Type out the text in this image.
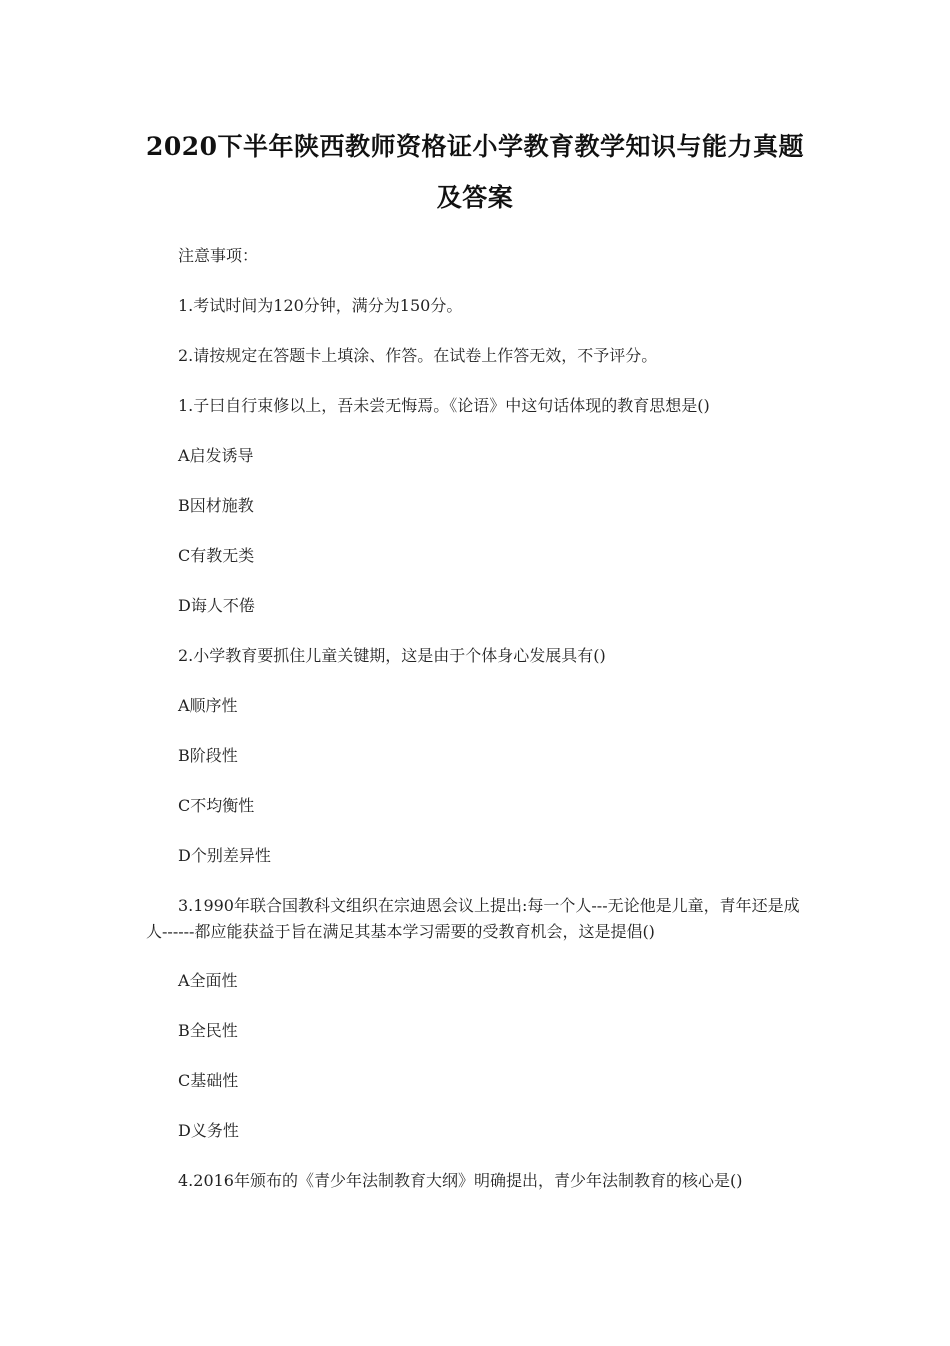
2020下半年陕西教师资格证小学教育教学知识与能力真题
及答案
注意事项：
1.考试时间为120分钟，满分为150分。
2.请按规定在答题卡上填涂、作答。在试卷上作答无效，不予评分。
1.子曰自行束修以上，吾未尝无悔焉。《论语》中这句话体现的教育思想是()
A启发诱导
B因材施教
C有教无类
D诲人不倦
2.小学教育要抓住儿童关键期，这是由于个体身心发展具有()
A顺序性
B阶段性
C不均衡性
D个别差异性
3.1990年联合国教科文组织在宗迪恩会议上提出:每一个人---无论他是儿童，青年还是成人------都应能获益于旨在满足其基本学习需要的受教育机会，这是提倡()
A全面性
B全民性
C基础性
D义务性
4.2016年颁布的《青少年法制教育大纲》明确提出，青少年法制教育的核心是()
